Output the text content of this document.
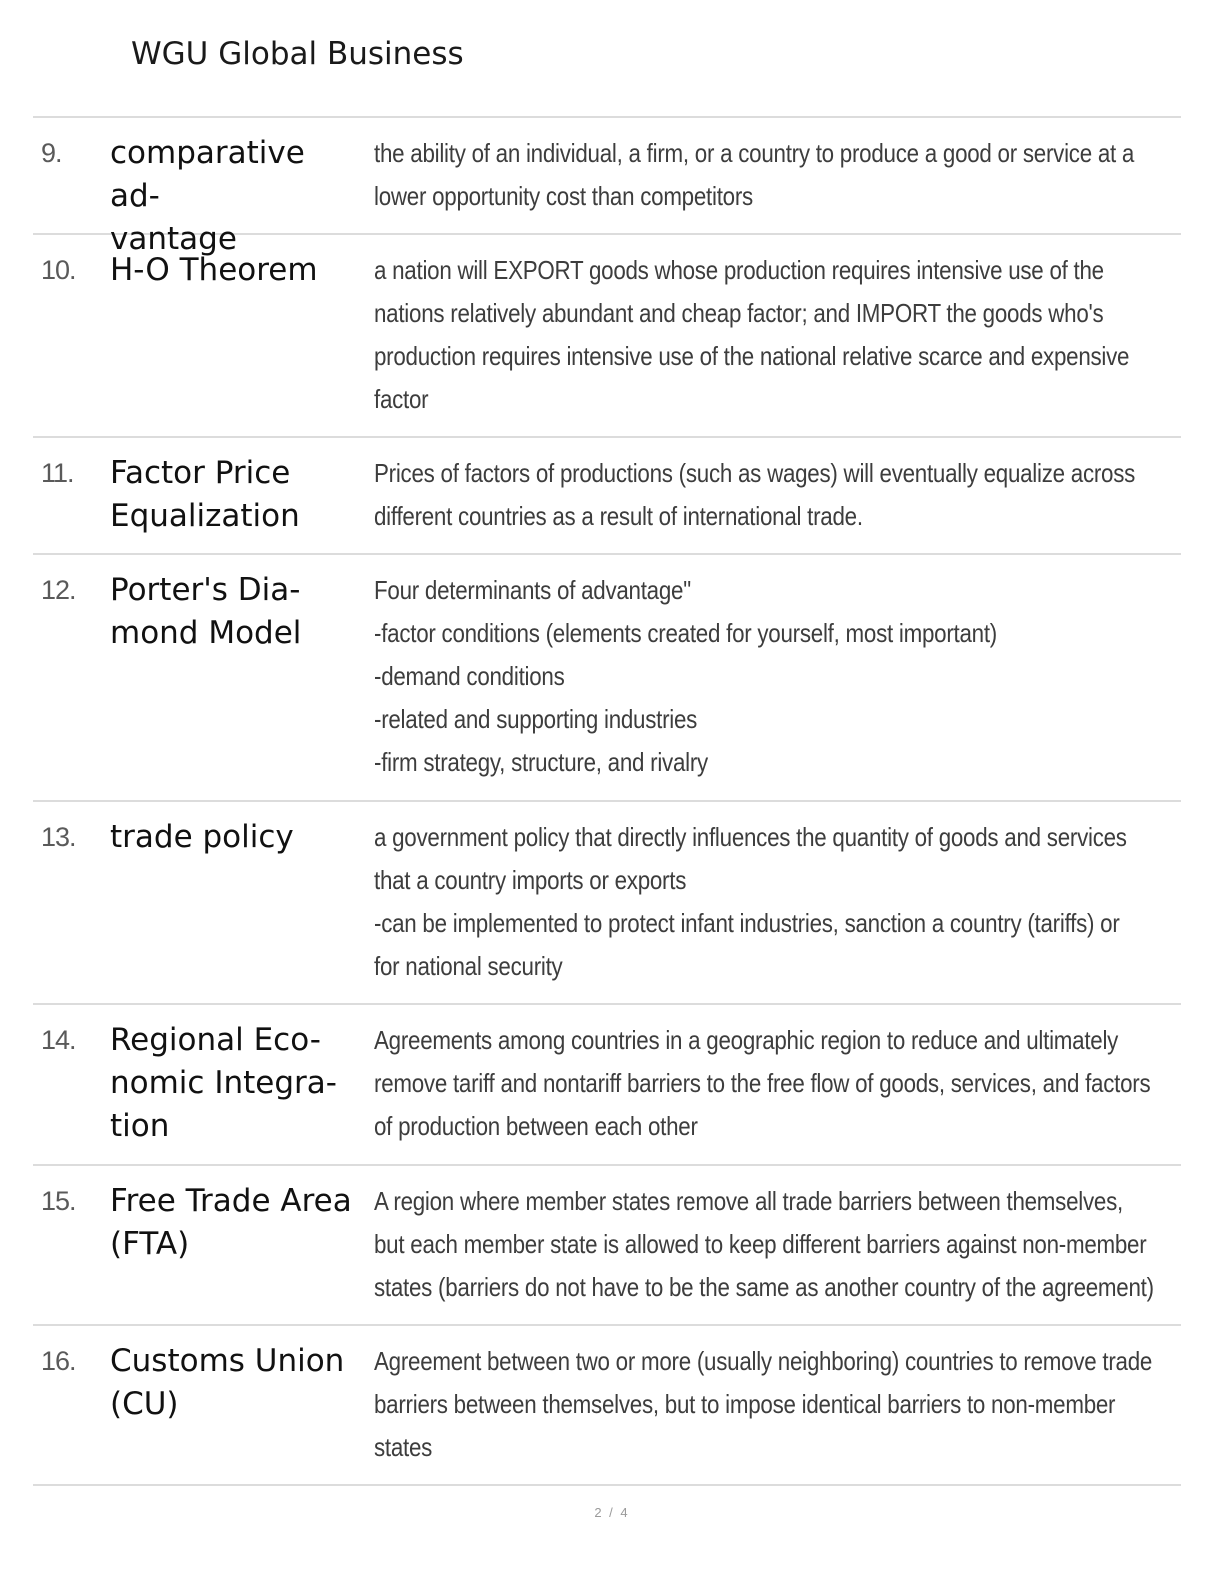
WGU Global Business
9. comparative ad-
vantage
the ability of an individual, a firm, or a country to produce a good or service at a
lower opportunity cost than competitors
10. H-O Theorem	a nation will EXPORT goods whose production requires intensive use of the
nations relatively abundant and cheap factor; and IMPORT the goods who's
production requires intensive use of the national relative scarce and expensive
factor
11. Factor Price
Equalization
Prices of factors of productions (such as wages) will eventually equalize across
different countries as a result of international trade.
12. Porter's Dia-
mond Model
Four determinants of advantage"
-factor conditions (elements created for yourself, most important)
-demand conditions
-related and supporting industries
-firm strategy, structure, and rivalry
13. trade policy	a government policy that directly influences the quantity of goods and services
that a country imports or exports
-can be implemented to protect infant industries, sanction a country (tariffs) or
for national security
14. Regional Eco-
nomic Integra-
tion
Agreements among countries in a geographic region to reduce and ultimately
remove tariff and nontariff barriers to the free flow of goods, services, and factors
of production between each other
15. Free Trade Area
(FTA)
A region where member states remove all trade barriers between themselves,
but each member state is allowed to keep different barriers against non-member
states (barriers do not have to be the same as another country of the agreement)
16. Customs Union
(CU)
Agreement between two or more (usually neighboring) countries to remove trade
barriers between themselves, but to impose identical barriers to non-member
states
2 / 4
